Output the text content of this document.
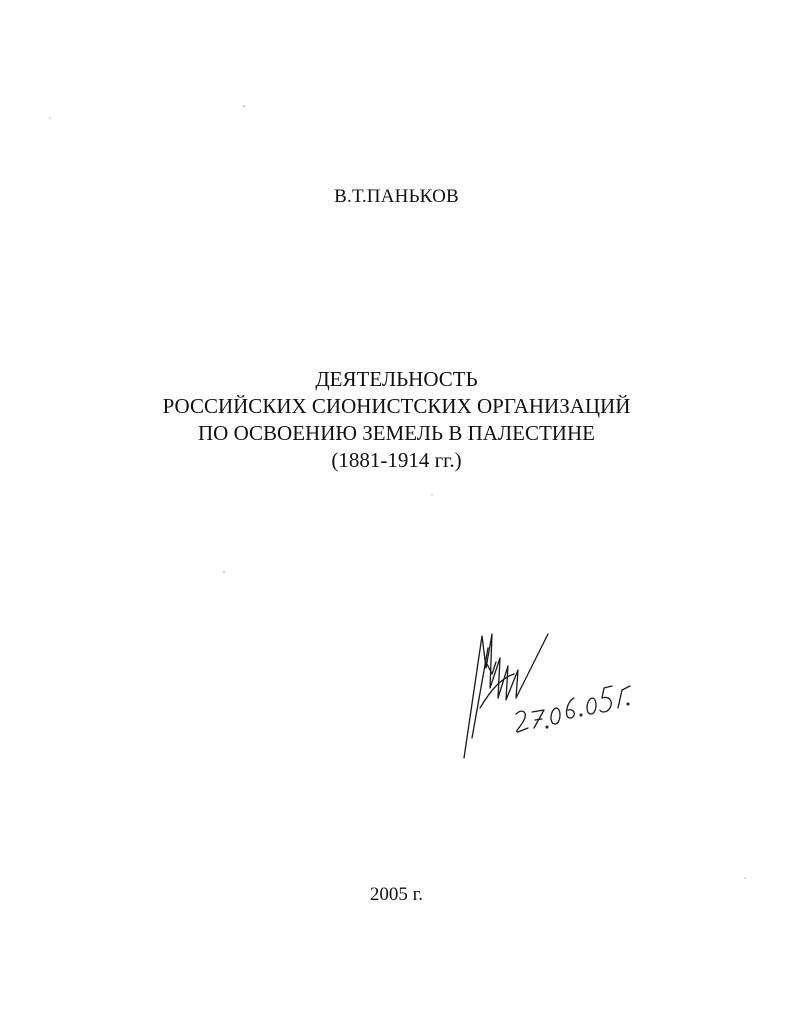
В.Т.ПАНЬКОВ
ДЕЯТЕЛЬНОСТЬ
РОССИЙСКИХ СИОНИСТСКИХ ОРГАНИЗАЦИЙ
ПО ОСВОЕНИЮ ЗЕМЕЛЬ В ПАЛЕСТИНЕ
(1881-1914 гг.)
2005 г.
